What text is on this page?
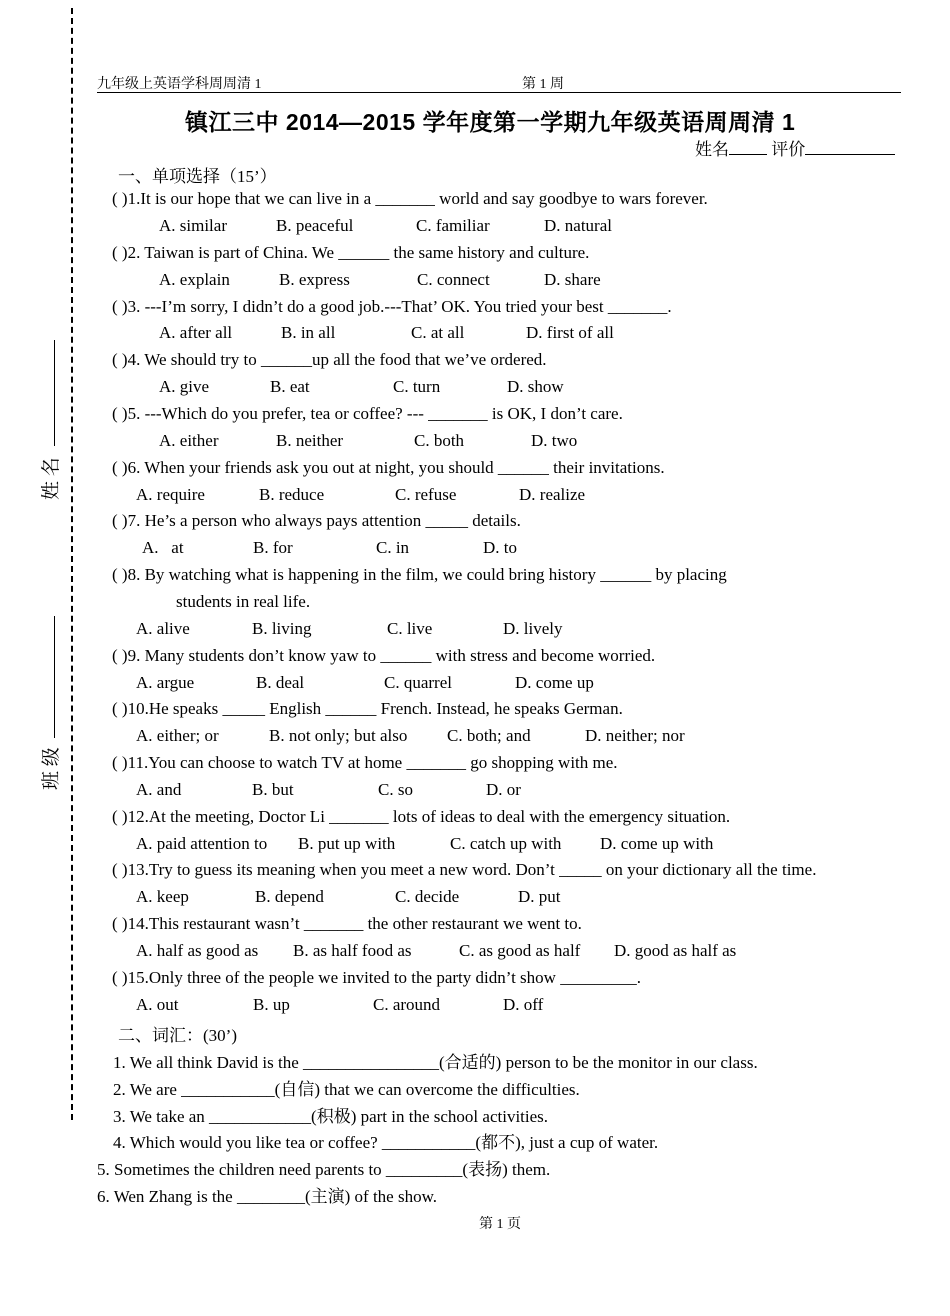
姓 名
班 级
九年级上英语学科周周清 1	第 1 周
镇江三中 2014—2015 学年度第一学期九年级英语周周清 1
姓名 评价
一、单项选择（15’）
( )1.It is our hope that we can live in a _______ world and say goodbye to wars forever.
A. similar	B. peaceful	C. familiar	D. natural
( )2. Taiwan is part of China. We ______ the same history and culture.
A. explain	B. express	C. connect	D. share
( )3. ---I’m sorry, I didn’t do a good job.---That’ OK. You tried your best _______.
A. after all	B. in all	C. at all	D. first of all
( )4. We should try to ______up all the food that we’ve ordered.
A. give	B. eat	C. turn	D. show
( )5. ---Which do you prefer, tea or coffee? --- _______ is OK, I don’t care.
A. either	B. neither	C. both	D. two
( )6. When your friends ask you out at night, you should ______ their invitations.
A. require	B. reduce	C. refuse	D. realize
( )7. He’s a person who always pays attention _____ details.
A.   at	B. for	C. in	D. to
( )8. By watching what is happening in the film, we could bring history ______ by placing
students in real life.
A. alive	B. living	C. live	D. lively
( )9. Many students don’t know yaw to ______ with stress and become worried.
A. argue	B. deal	C. quarrel	D. come up
( )10.He speaks _____ English ______ French. Instead, he speaks German.
A. either; or	B. not only; but also C. both; and	D. neither; nor
( )11.You can choose to watch TV at home _______ go shopping with me.
A. and	B. but	C. so	D. or
( )12.At the meeting, Doctor Li _______ lots of ideas to deal with the emergency situation.
A. paid attention to B. put up with	C. catch up with D. come up with
( )13.Try to guess its meaning when you meet a new word. Don’t _____ on your dictionary all the time.
A. keep	B. depend	C. decide	D. put
( )14.This restaurant wasn’t _______ the other restaurant we went to.
A. half as good as B. as half food as	C. as good as half D. good as half as
( )15.Only three of the people we invited to the party didn’t show _________.
A. out	B. up	C. around	D. off
二、词汇：(30’)
1. We all think David is the ________________(合适的) person to be the monitor in our class.
2. We are ___________(自信) that we can overcome the difficulties.
3. We take an ____________(积极) part in the school activities.
4. Which would you like tea or coffee? ___________(都不), just a cup of water.
5. Sometimes the children need parents to _________(表扬) them.
6. Wen Zhang is the ________(主演) of the show.
第 1 页
